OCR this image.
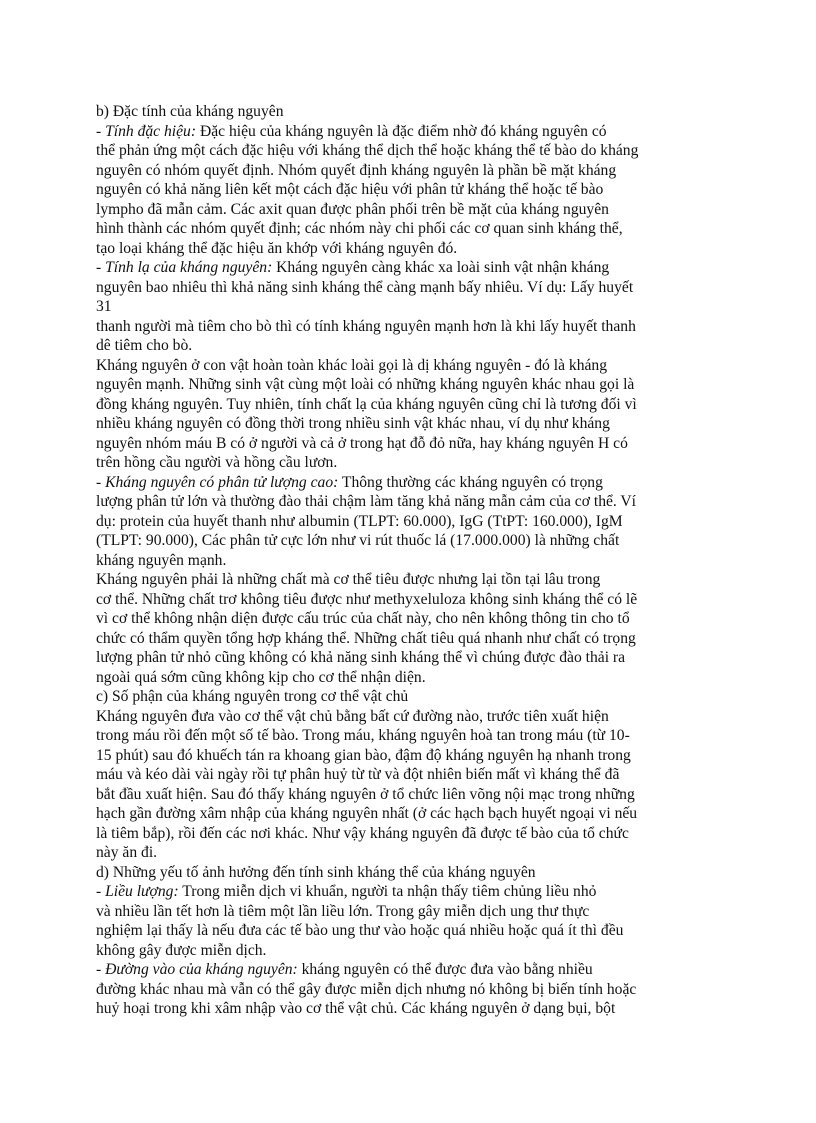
b) Đặc tính của kháng nguyên
- Tính đặc hiệu: Đặc hiệu của kháng nguyên là đặc điểm nhờ đó kháng nguyên có
thể phản ứng một cách đặc hiệu với kháng thể dịch thể hoặc kháng thể tế bào do kháng
nguyên có nhóm quyết định. Nhóm quyết định kháng nguyên là phần bề mặt kháng
nguyên có khả năng liên kết một cách đặc hiệu với phân tử kháng thể hoặc tế bào
lympho đã mẫn cảm. Các axit quan được phân phối trên bề mặt của kháng nguyên
hình thành các nhóm quyết định; các nhóm này chi phối các cơ quan sinh kháng thể,
tạo loại kháng thể đặc hiệu ăn khớp với kháng nguyên đó.
- Tính lạ của kháng nguyên: Kháng nguyên càng khác xa loài sinh vật nhận kháng
nguyên bao nhiêu thì khả năng sinh kháng thể càng mạnh bấy nhiêu. Ví dụ: Lấy huyết
31
thanh người mà tiêm cho bò thì có tính kháng nguyên mạnh hơn là khi lấy huyết thanh
dê tiêm cho bò.
Kháng nguyên ở con vật hoàn toàn khác loài gọi là dị kháng nguyên - đó là kháng
nguyên mạnh. Những sinh vật cùng một loài có những kháng nguyên khác nhau gọi là
đồng kháng nguyên. Tuy nhiên, tính chất lạ của kháng nguyên cũng chỉ là tương đối vì
nhiều kháng nguyên có đồng thời trong nhiều sinh vật khác nhau, ví dụ như kháng
nguyên nhóm máu B có ở người và cả ở trong hạt đỗ đỏ nữa, hay kháng nguyên H có
trên hồng cầu người và hồng cầu lươn.
- Kháng nguyên có phân tử lượng cao: Thông thường các kháng nguyên có trọng
lượng phân tử lớn và thường đào thải chậm làm tăng khả năng mẫn cảm của cơ thể. Ví
dụ: protein của huyết thanh như albumin (TLPT: 60.000), IgG (TtPT: 160.000), IgM
(TLPT: 90.000), Các phân tử cực lớn như vi rút thuốc lá (17.000.000) là những chất
kháng nguyên mạnh.
Kháng nguyên phải là những chất mà cơ thể tiêu được nhưng lại tồn tại lâu trong
cơ thể. Những chất trơ không tiêu được như methyxeluloza không sinh kháng thể có lẽ
vì cơ thể không nhận diện được cấu trúc của chất này, cho nên không thông tin cho tổ
chức có thẩm quyền tổng hợp kháng thể. Những chất tiêu quá nhanh như chất có trọng
lượng phân tử nhỏ cũng không có khả năng sinh kháng thể vì chúng được đào thải ra
ngoài quá sớm cũng không kịp cho cơ thể nhận diện.
c) Số phận của kháng nguyên trong cơ thể vật chủ
Kháng nguyên đưa vào cơ thể vật chủ bằng bất cứ đường nào, trước tiên xuất hiện
trong máu rồi đến một số tế bào. Trong máu, kháng nguyên hoà tan trong máu (từ 10-
15 phút) sau đó khuếch tán ra khoang gian bào, đậm độ kháng nguyên hạ nhanh trong
máu và kéo dài vài ngày rồi tự phân huỷ từ từ và đột nhiên biến mất vì kháng thể đã
bắt đầu xuất hiện. Sau đó thấy kháng nguyên ở tổ chức liên võng nội mạc trong những
hạch gần đường xâm nhập của kháng nguyên nhất (ở các hạch bạch huyết ngoại vi nếu
là tiêm bắp), rồi đến các nơi khác. Như vậy kháng nguyên đã được tế bào của tổ chức
này ăn đi.
d) Những yếu tố ảnh hưởng đến tính sinh kháng thể của kháng nguyên
- Liều lượng: Trong miễn dịch vi khuẩn, người ta nhận thấy tiêm chủng liều nhỏ
và nhiều lần tết hơn là tiêm một lần liều lớn. Trong gây miễn dịch ung thư thực
nghiệm lại thấy là nếu đưa các tế bào ung thư vào hoặc quá nhiều hoặc quá ít thì đều
không gây được miễn dịch.
- Đường vào của kháng nguyên: kháng nguyên có thể được đưa vào bằng nhiều
đường khác nhau mà vẫn có thể gây được miễn dịch nhưng nó không bị biến tính hoặc
huỷ hoại trong khi xâm nhập vào cơ thể vật chủ. Các kháng nguyên ở dạng bụi, bột
